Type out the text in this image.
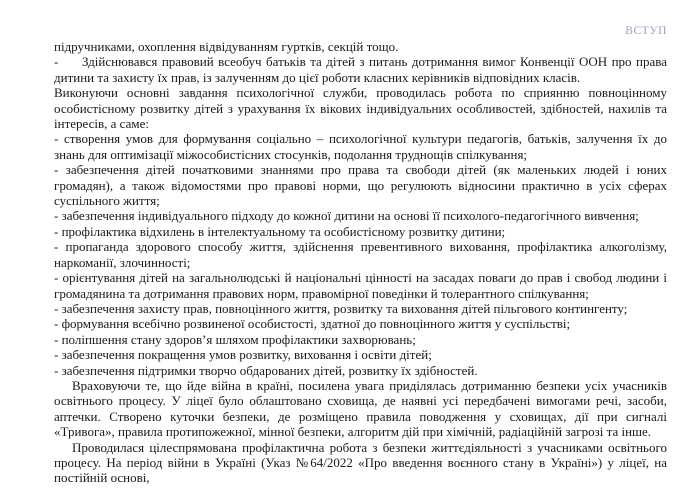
ВСТУП

підручниками, охоплення відвідуванням гуртків, секцій тощо.

- Здійснювався правовий всеобуч батьків та дітей з питань дотримання вимог Конвенції ООН про права дитини та захисту їх прав, із залученням до цієї роботи класних керівників відповідних класів.

Виконуючи основні завдання психологічної служби, проводилась робота по сприянню повноцінному особистісному розвитку дітей з урахування їх вікових індивідуальних особливостей, здібностей, нахилів та інтересів, а саме:

- створення умов для формування соціально – психологічної культури педагогів, батьків, залучення їх до знань для оптимізації міжособистісних стосунків, подолання труднощів спілкування;

- забезпечення дітей початковими знаннями про права та свободи дітей (як маленьких людей і юних громадян), а також відомостями про правові норми, що регулюють відносини практично в усіх сферах суспільного життя;

- забезпечення індивідуального підходу до кожної дитини на основі її психолого-педагогічного вивчення;

- профілактика відхилень в інтелектуальному та особистісному розвитку дитини;

- пропаганда здорового способу життя, здійснення превентивного виховання, профілактика алкоголізму, наркоманії, злочинності;

- орієнтування дітей на загальнолюдські й національні цінності на засадах поваги до прав і свобод людини і громадянина та дотримання правових норм, правомірної поведінки й толерантного спілкування;

- забезпечення захисту прав, повноцінного життя, розвитку та виховання дітей пільгового контингенту;

- формування всебічно розвиненої особистості, здатної до повноцінного життя у суспільстві;

- поліпшення стану здоров’я шляхом профілактики захворювань;

- забезпечення покращення умов розвитку, виховання і освіти дітей;

- забезпечення підтримки творчо обдарованих дітей, розвитку їх здібностей.

Враховуючи те, що йде війна в країні, посилена увага приділялась дотриманню безпеки усіх учасників освітнього процесу. У ліцеї було облаштовано сховища, де наявні усі передбачені вимогами речі, засоби, аптечки. Створено куточки безпеки, де розміщено правила поводження у сховищах, дії при сигналі «Тривога», правила протипожежної, мінної безпеки, алгоритм дій при хімічній, радіаційній загрозі та інше.

Проводилася цілеспрямована профілактична робота з безпеки життєдіяльності з учасниками освітнього процесу. На період війни в Україні (Указ №64/2022 «Про введення воєнного стану в Україні») у ліцеї, на постійній основі,
